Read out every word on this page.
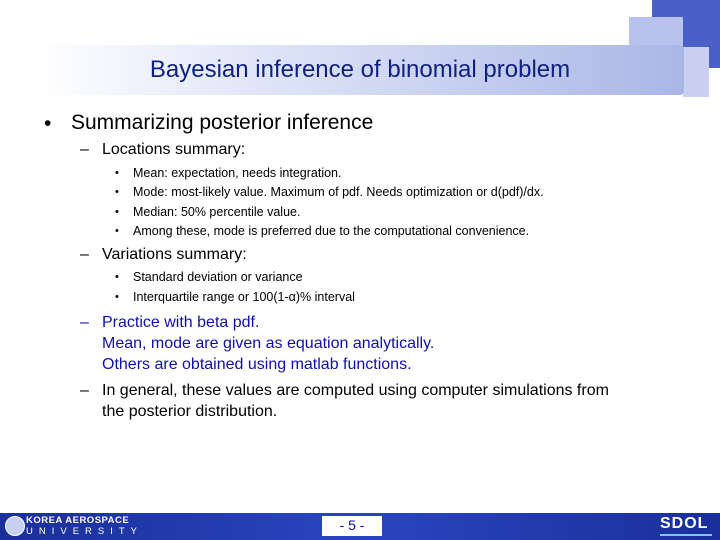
Bayesian inference of binomial problem
• Summarizing posterior inference
– Locations summary:
• Mean: expectation, needs integration.
• Mode: most-likely value. Maximum of pdf. Needs optimization or d(pdf)/dx.
• Median: 50% percentile value.
• Among these, mode is preferred due to the computational convenience.
– Variations summary:
• Standard deviation or variance
• Interquartile range or 100(1-α)% interval
– Practice with beta pdf.
Mean, mode are given as equation analytically.
Others are obtained using matlab functions.
– In general, these values are computed using computer simulations from
the posterior distribution.
KOREA AEROSPACE
UNIVERSITY	- 5 -	SDOL
